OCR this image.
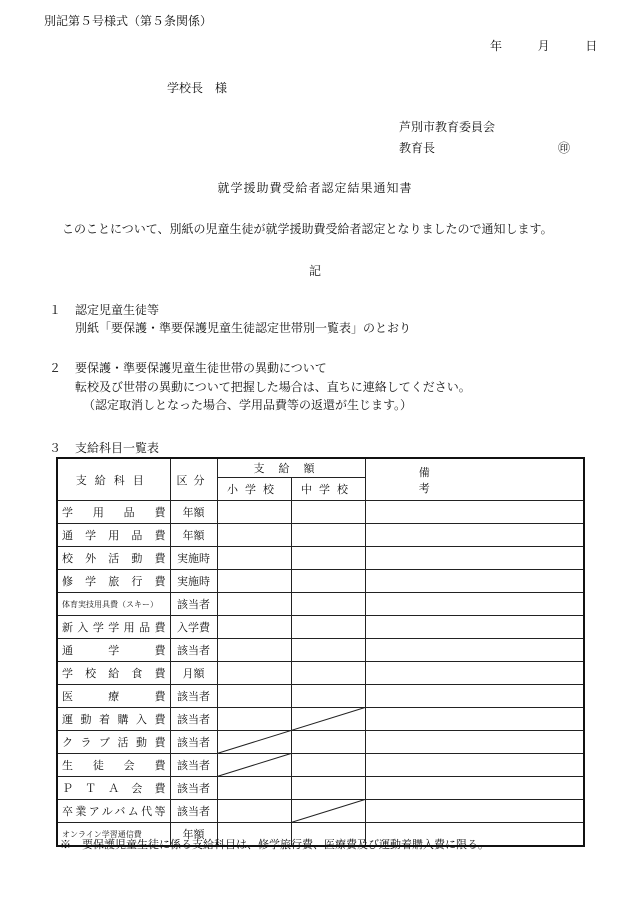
別記第５号様式（第５条関係）
年	月	日
学校長　様
芦別市教育委員会
教育長	㊞
就学援助費受給者認定結果通知書
このことについて、別紙の児童生徒が就学援助費受給者認定となりましたので通知します。
記
１ 認定児童生徒等
別紙「要保護・準要保護児童生徒認定世帯別一覧表」のとおり
２ 要保護・準要保護児童生徒世帯の異動について
転校及び世帯の異動について把握した場合は、直ちに連絡してください。
（認定取消しとなった場合、学用品費等の返還が生じます。）
３ 支給科目一覧表
支給科目	区分	支給額		備考
		小学校	中学校	
学用品費	年額			
通学用品費	年額			
校外活動費	実施時			
修学旅行費	実施時			
体育実技用具費（スキー）	該当者			
新入学学用品費	入学費			
通学費	該当者			
学校給食費	月額			
医療費	該当者			
運動着購入費	該当者			
クラブ活動費	該当者			
生徒会費	該当者			
ＰＴＡ会費	該当者			
卒業アルバム代等	該当者			
オンライン学習通信費	年額			
※　要保護児童生徒に係る支給科目は、修学旅行費、医療費及び運動着購入費に限る。
